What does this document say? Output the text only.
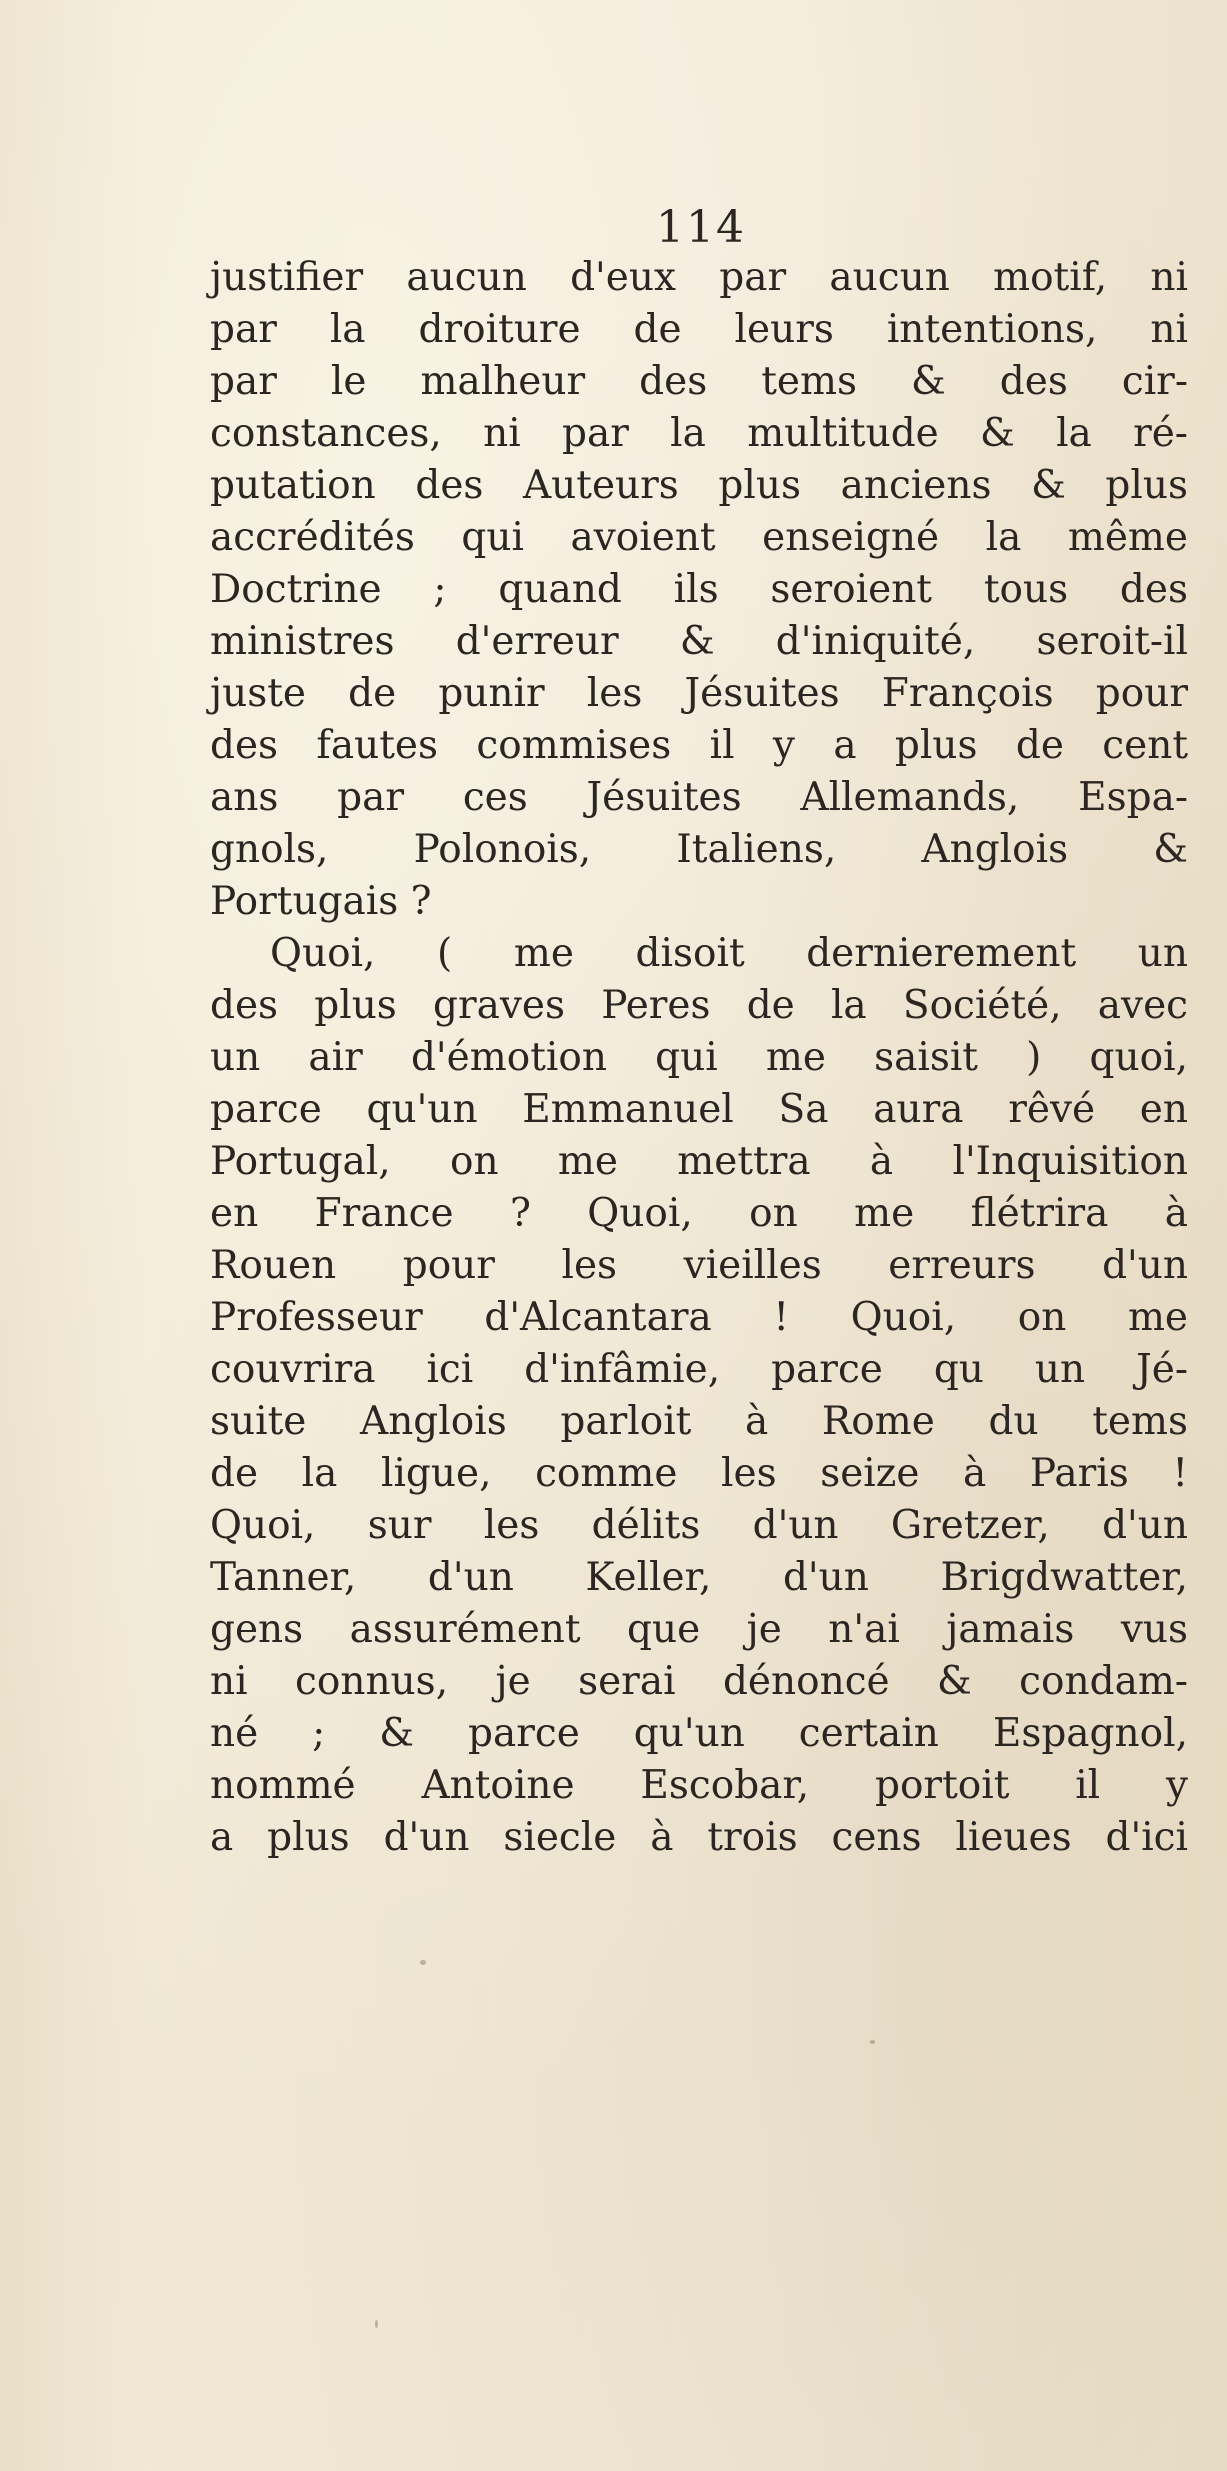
114
justifier aucun d'eux par aucun motif, ni
par la droiture de leurs intentions, ni
par le malheur des tems & des cir-
constances, ni par la multitude & la ré-
putation des Auteurs plus anciens & plus
accrédités qui avoient enseigné la même
Doctrine ; quand ils seroient tous des
ministres d'erreur & d'iniquité, seroit-il
juste de punir les Jésuites François pour
des fautes commises il y a plus de cent
ans par ces Jésuites Allemands, Espa-
gnols, Polonois, Italiens, Anglois &
Portugais ?
Quoi, ( me disoit dernierement un
des plus graves Peres de la Société, avec
un air d'émotion qui me saisit ) quoi,
parce qu'un Emmanuel Sa aura rêvé en
Portugal, on me mettra à l'Inquisition
en France ? Quoi, on me flétrira à
Rouen pour les vieilles erreurs d'un
Professeur d'Alcantara ! Quoi, on me
couvrira ici d'infâmie, parce qu un Jé-
suite Anglois parloit à Rome du tems
de la ligue, comme les seize à Paris !
Quoi, sur les délits d'un Gretzer, d'un
Tanner, d'un Keller, d'un Brigdwatter,
gens assurément que je n'ai jamais vus
ni connus, je serai dénoncé & condam-
né ; & parce qu'un certain Espagnol,
nommé Antoine Escobar, portoit il y
a plus d'un siecle à trois cens lieues d'ici
